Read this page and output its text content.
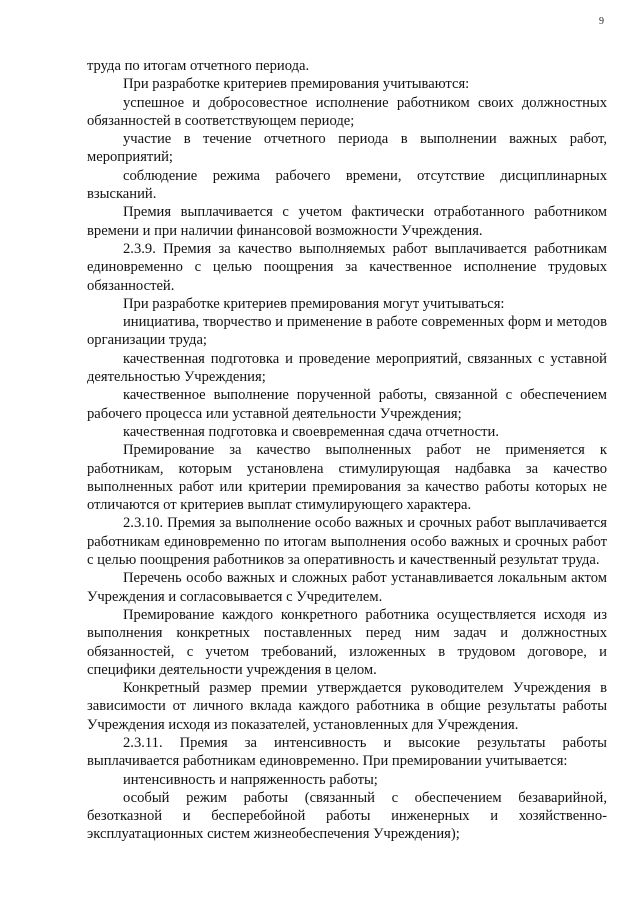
9

труда по итогам отчетного периода.

При разработке критериев премирования учитываются:

успешное и добросовестное исполнение работником своих должностных обязанностей в соответствующем периоде;

участие в течение отчетного периода в выполнении важных работ, мероприятий;

соблюдение режима рабочего времени, отсутствие дисциплинарных взысканий.

Премия выплачивается с учетом фактически отработанного работником времени и при наличии финансовой возможности Учреждения.

2.3.9. Премия за качество выполняемых работ выплачивается работникам единовременно с целью поощрения за качественное исполнение трудовых обязанностей.

При разработке критериев премирования могут учитываться:

инициатива, творчество и применение в работе современных форм и методов организации труда;

качественная подготовка и проведение мероприятий, связанных с уставной деятельностью Учреждения;

качественное выполнение порученной работы, связанной с обеспечением рабочего процесса или уставной деятельности Учреждения;

качественная подготовка и своевременная сдача отчетности.

Премирование за качество выполненных работ не применяется к работникам, которым установлена стимулирующая надбавка за качество выполненных работ или критерии премирования за качество работы которых не отличаются от критериев выплат стимулирующего характера.

2.3.10. Премия за выполнение особо важных и срочных работ выплачивается работникам единовременно по итогам выполнения особо важных и срочных работ с целью поощрения работников за оперативность и качественный результат труда.

Перечень особо важных и сложных работ устанавливается локальным актом Учреждения и согласовывается с Учредителем.

Премирование каждого конкретного работника осуществляется исходя из выполнения конкретных поставленных перед ним задач и должностных обязанностей, с учетом требований, изложенных в трудовом договоре, и специфики деятельности учреждения в целом.

Конкретный размер премии утверждается руководителем Учреждения в зависимости от личного вклада каждого работника в общие результаты работы Учреждения исходя из показателей, установленных для Учреждения.

2.3.11. Премия за интенсивность и высокие результаты работы выплачивается работникам единовременно. При премировании учитывается:

интенсивность и напряженность работы;

особый режим работы (связанный с обеспечением безаварийной, безотказной и бесперебойной работы инженерных и хозяйственно-эксплуатационных систем жизнеобеспечения Учреждения);
